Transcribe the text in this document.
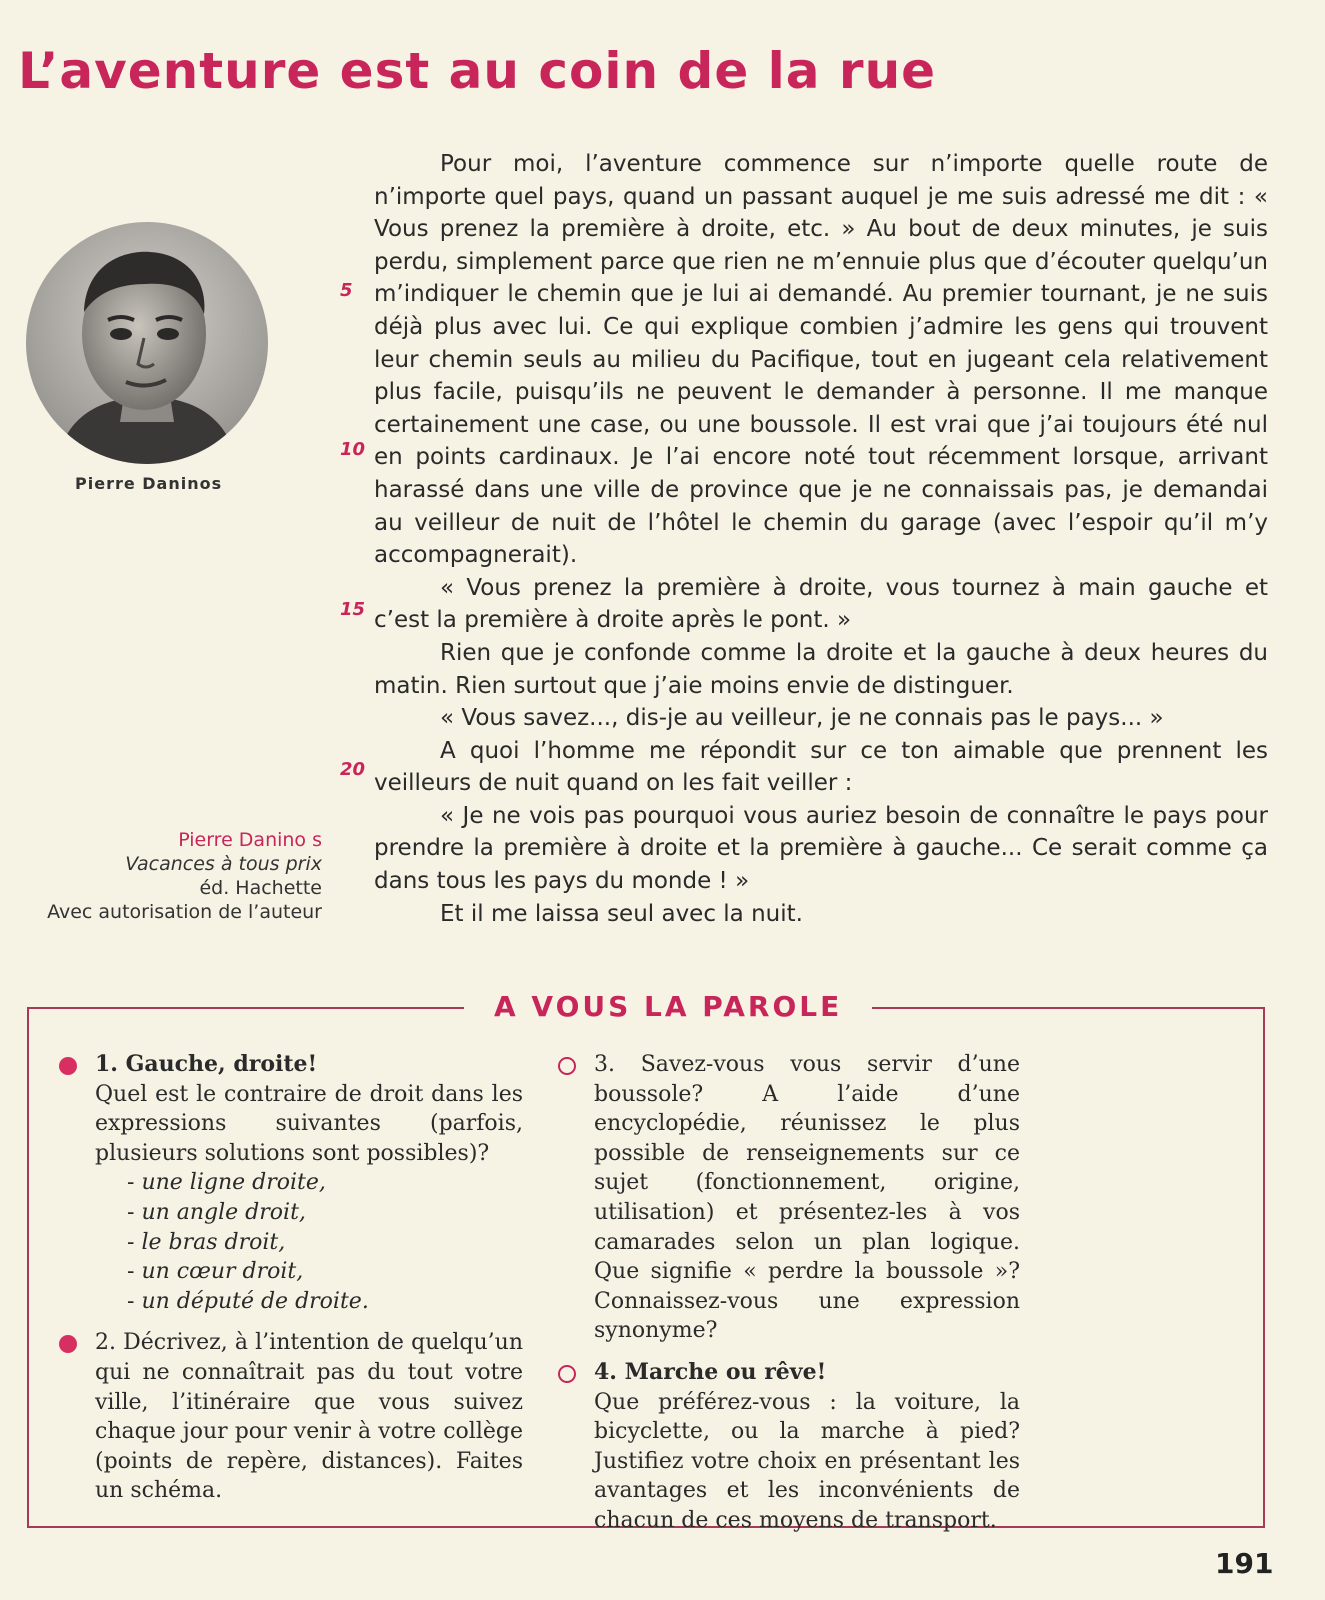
L’aventure est au coin de la rue
Pierre Daninos
Pierre Danino s
Vacances à tous prix
éd. Hachette
Avec autorisation de l’auteur
5
10
15
20

Pour moi, l’aventure commence sur n’importe quelle route de n’importe quel pays, quand un passant auquel je me suis adressé me dit : « Vous prenez la première à droite, etc. » Au bout de deux minutes, je suis perdu, simplement parce que rien ne m’ennuie plus que d’écouter quelqu’un m’indiquer le chemin que je lui ai demandé. Au premier tournant, je ne suis déjà plus avec lui. Ce qui explique combien j’admire les gens qui trouvent leur chemin seuls au milieu du Pacifique, tout en jugeant cela relativement plus facile, puisqu’ils ne peuvent le demander à personne. Il me manque certainement une case, ou une boussole. Il est vrai que j’ai toujours été nul en points cardinaux. Je l’ai encore noté tout récemment lorsque, arrivant harassé dans une ville de province que je ne connaissais pas, je demandai au veilleur de nuit de l’hôtel le chemin du garage (avec l’espoir qu’il m’y accompagnerait).

« Vous prenez la première à droite, vous tournez à main gauche et c’est la première à droite après le pont. »

Rien que je confonde comme la droite et la gauche à deux heures du matin. Rien surtout que j’aie moins envie de distinguer.

« Vous savez..., dis-je au veilleur, je ne connais pas le pays... »

A quoi l’homme me répondit sur ce ton aimable que prennent les veilleurs de nuit quand on les fait veiller :

« Je ne vois pas pourquoi vous auriez besoin de connaître le pays pour prendre la première à droite et la première à gauche... Ce serait comme ça dans tous les pays du monde ! »

Et il me laissa seul avec la nuit.

A VOUS LA PAROLE
1. Gauche, droite!

Quel est le contraire de droit dans les expressions suivantes (parfois, plusieurs solutions sont possibles)?

- une ligne droite,
- un angle droit,
- le bras droit,
- un cœur droit,
- un député de droite.

2. Décrivez, à l’intention de quelqu’un qui ne connaîtrait pas du tout votre ville, l’itinéraire que vous suivez chaque jour pour venir à votre collège (points de repère, distances). Faites un schéma.

3. Savez-vous vous servir d’une boussole? A l’aide d’une encyclopédie, réunissez le plus possible de renseignements sur ce sujet (fonctionnement, origine, utilisation) et présentez-les à vos camarades selon un plan logique. Que signifie « perdre la boussole »? Connaissez-vous une expression synonyme?

4. Marche ou rêve!

Que préférez-vous : la voiture, la bicyclette, ou la marche à pied? Justifiez votre choix en présentant les avantages et les inconvénients de chacun de ces moyens de transport.

191
